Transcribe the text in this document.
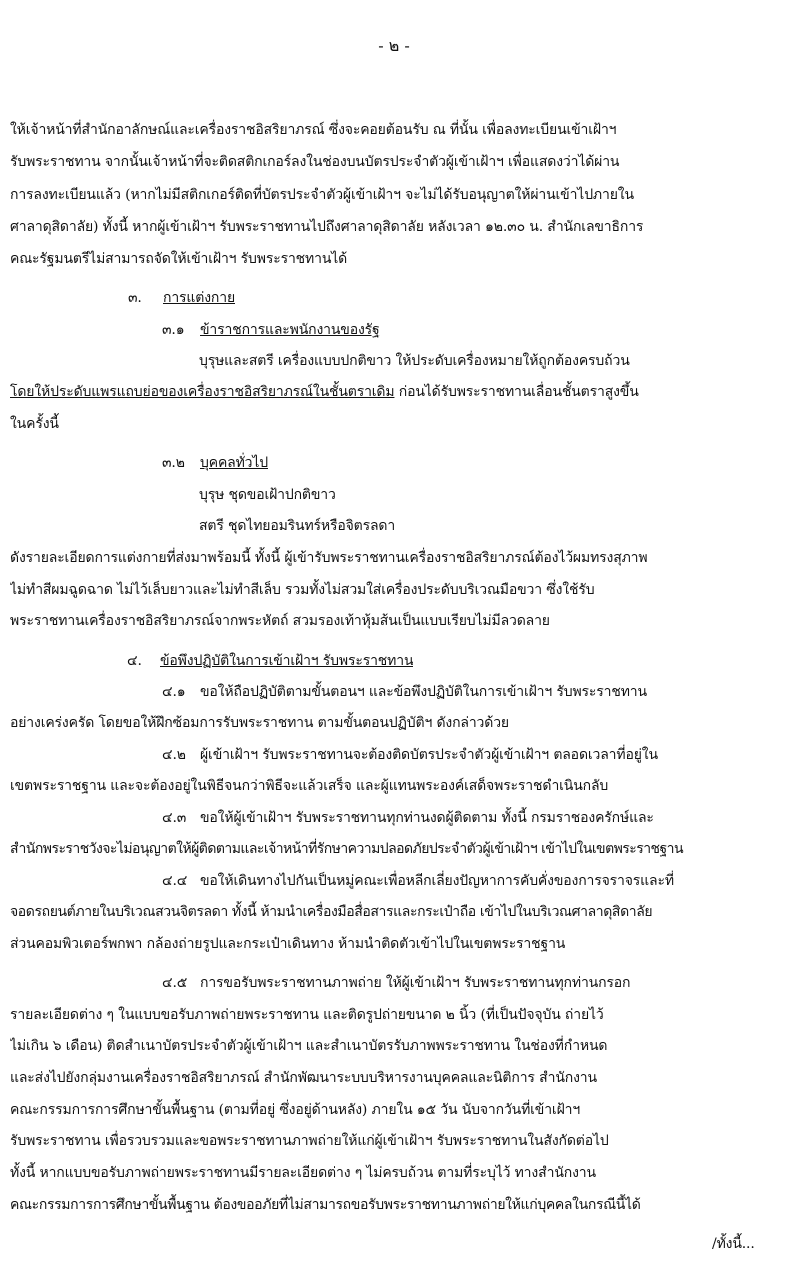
- ๒ -
ให้เจ้าหน้าที่สำนักอาลักษณ์และเครื่องราชอิสริยาภรณ์ ซึ่งจะคอยต้อนรับ ณ ที่นั้น เพื่อลงทะเบียนเข้าเฝ้าฯ
รับพระราชทาน จากนั้นเจ้าหน้าที่จะติดสติกเกอร์ลงในช่องบนบัตรประจำตัวผู้เข้าเฝ้าฯ เพื่อแสดงว่าได้ผ่าน
การลงทะเบียนแล้ว (หากไม่มีสติกเกอร์ติดที่บัตรประจำตัวผู้เข้าเฝ้าฯ จะไม่ได้รับอนุญาตให้ผ่านเข้าไปภายใน
ศาลาดุสิดาลัย) ทั้งนี้ หากผู้เข้าเฝ้าฯ รับพระราชทานไปถึงศาลาดุสิดาลัย หลังเวลา ๑๒.๓๐ น. สำนักเลขาธิการ
คณะรัฐมนตรีไม่สามารถจัดให้เข้าเฝ้าฯ รับพระราชทานได้
๓. การแต่งกาย
๓.๑ ข้าราชการและพนักงานของรัฐ
บุรุษและสตรี เครื่องแบบปกติขาว ให้ประดับเครื่องหมายให้ถูกต้องครบถ้วน
โดยให้ประดับแพรแถบย่อของเครื่องราชอิสริยาภรณ์ในชั้นตราเดิม ก่อนได้รับพระราชทานเลื่อนชั้นตราสูงขึ้น
ในครั้งนี้
๓.๒ บุคคลทั่วไป
บุรุษ ชุดขอเฝ้าปกติขาว
สตรี ชุดไทยอมรินทร์หรือจิตรลดา
ดังรายละเอียดการแต่งกายที่ส่งมาพร้อมนี้ ทั้งนี้ ผู้เข้ารับพระราชทานเครื่องราชอิสริยาภรณ์ต้องไว้ผมทรงสุภาพ
ไม่ทำสีผมฉูดฉาด ไม่ไว้เล็บยาวและไม่ทำสีเล็บ รวมทั้งไม่สวมใส่เครื่องประดับบริเวณมือขวา ซึ่งใช้รับ
พระราชทานเครื่องราชอิสริยาภรณ์จากพระหัตถ์ สวมรองเท้าหุ้มส้นเป็นแบบเรียบไม่มีลวดลาย
๔. ข้อพึงปฏิบัติในการเข้าเฝ้าฯ รับพระราชทาน
๔.๑ ขอให้ถือปฏิบัติตามขั้นตอนฯ และข้อพึงปฏิบัติในการเข้าเฝ้าฯ รับพระราชทาน
อย่างเคร่งครัด โดยขอให้ฝึกซ้อมการรับพระราชทาน ตามขั้นตอนปฏิบัติฯ ดังกล่าวด้วย
๔.๒ ผู้เข้าเฝ้าฯ รับพระราชทานจะต้องติดบัตรประจำตัวผู้เข้าเฝ้าฯ ตลอดเวลาที่อยู่ใน
เขตพระราชฐาน และจะต้องอยู่ในพิธีจนกว่าพิธีจะแล้วเสร็จ และผู้แทนพระองค์เสด็จพระราชดำเนินกลับ
๔.๓ ขอให้ผู้เข้าเฝ้าฯ รับพระราชทานทุกท่านงดผู้ติดตาม ทั้งนี้ กรมราชองครักษ์และ
สำนักพระราชวังจะไม่อนุญาตให้ผู้ติดตามและเจ้าหน้าที่รักษาความปลอดภัยประจำตัวผู้เข้าเฝ้าฯ เข้าไปในเขตพระราชฐาน
๔.๔ ขอให้เดินทางไปกันเป็นหมู่คณะเพื่อหลีกเลี่ยงปัญหาการคับคั่งของการจราจรและที่
จอดรถยนต์ภายในบริเวณสวนจิตรลดา ทั้งนี้ ห้ามนำเครื่องมือสื่อสารและกระเป๋าถือ เข้าไปในบริเวณศาลาดุสิดาลัย
ส่วนคอมพิวเตอร์พกพา กล้องถ่ายรูปและกระเป๋าเดินทาง ห้ามนำติดตัวเข้าไปในเขตพระราชฐาน
๔.๕ การขอรับพระราชทานภาพถ่าย ให้ผู้เข้าเฝ้าฯ รับพระราชทานทุกท่านกรอก
รายละเอียดต่าง ๆ ในแบบขอรับภาพถ่ายพระราชทาน และติดรูปถ่ายขนาด ๒ นิ้ว (ที่เป็นปัจจุบัน ถ่ายไว้
ไม่เกิน ๖ เดือน) ติดสำเนาบัตรประจำตัวผู้เข้าเฝ้าฯ และสำเนาบัตรรับภาพพระราชทาน ในช่องที่กำหนด
และส่งไปยังกลุ่มงานเครื่องราชอิสริยาภรณ์ สำนักพัฒนาระบบบริหารงานบุคคลและนิติการ สำนักงาน
คณะกรรมการการศึกษาขั้นพื้นฐาน (ตามที่อยู่ ซึ่งอยู่ด้านหลัง) ภายใน ๑๕ วัน นับจากวันที่เข้าเฝ้าฯ
รับพระราชทาน เพื่อรวบรวมและขอพระราชทานภาพถ่ายให้แก่ผู้เข้าเฝ้าฯ รับพระราชทานในสังกัดต่อไป
ทั้งนี้ หากแบบขอรับภาพถ่ายพระราชทานมีรายละเอียดต่าง ๆ ไม่ครบถ้วน ตามที่ระบุไว้ ทางสำนักงาน
คณะกรรมการการศึกษาขั้นพื้นฐาน ต้องขออภัยที่ไม่สามารถขอรับพระราชทานภาพถ่ายให้แก่บุคคลในกรณีนี้ได้
/ทั้งนี้...
